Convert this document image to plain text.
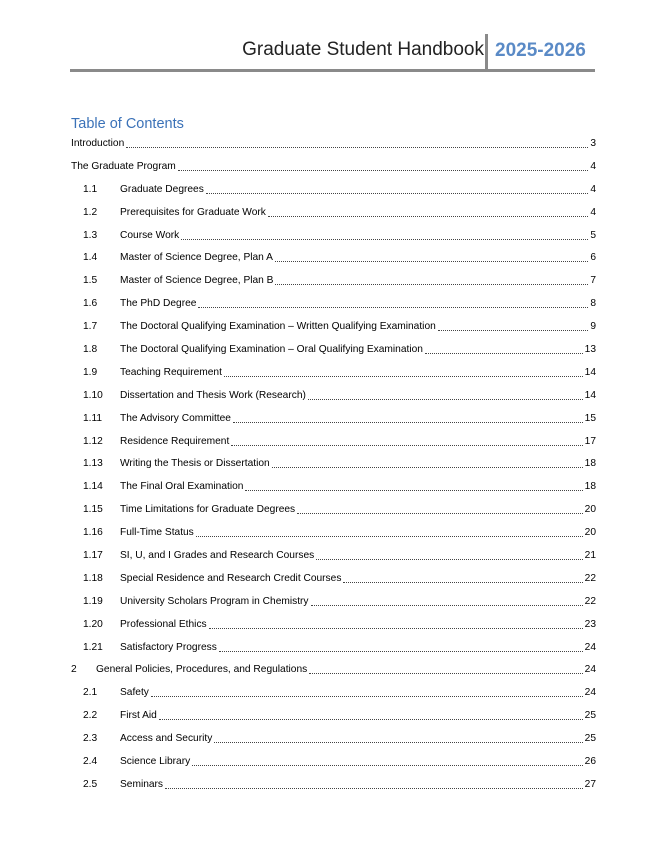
Graduate Student Handbook 2025-2026
Table of Contents
Introduction	3
The Graduate Program	4
1.1	Graduate Degrees	4
1.2	Prerequisites for Graduate Work	4
1.3	Course Work	5
1.4	Master of Science Degree, Plan A	6
1.5	Master of Science Degree, Plan B	7
1.6	The PhD Degree	8
1.7	The Doctoral Qualifying Examination – Written Qualifying Examination	9
1.8	The Doctoral Qualifying Examination – Oral Qualifying Examination	13
1.9	Teaching Requirement	14
1.10	Dissertation and Thesis Work (Research)	14
1.11	The Advisory Committee	15
1.12	Residence Requirement	17
1.13	Writing the Thesis or Dissertation	18
1.14	The Final Oral Examination	18
1.15	Time Limitations for Graduate Degrees	20
1.16	Full-Time Status	20
1.17	SI, U, and I Grades and Research Courses	21
1.18	Special Residence and Research Credit Courses	22
1.19	University Scholars Program in Chemistry	22
1.20	Professional Ethics	23
1.21	Satisfactory Progress	24
2	General Policies, Procedures, and Regulations	24
2.1	Safety	24
2.2	First Aid	25
2.3	Access and Security	25
2.4	Science Library	26
2.5	Seminars	27
